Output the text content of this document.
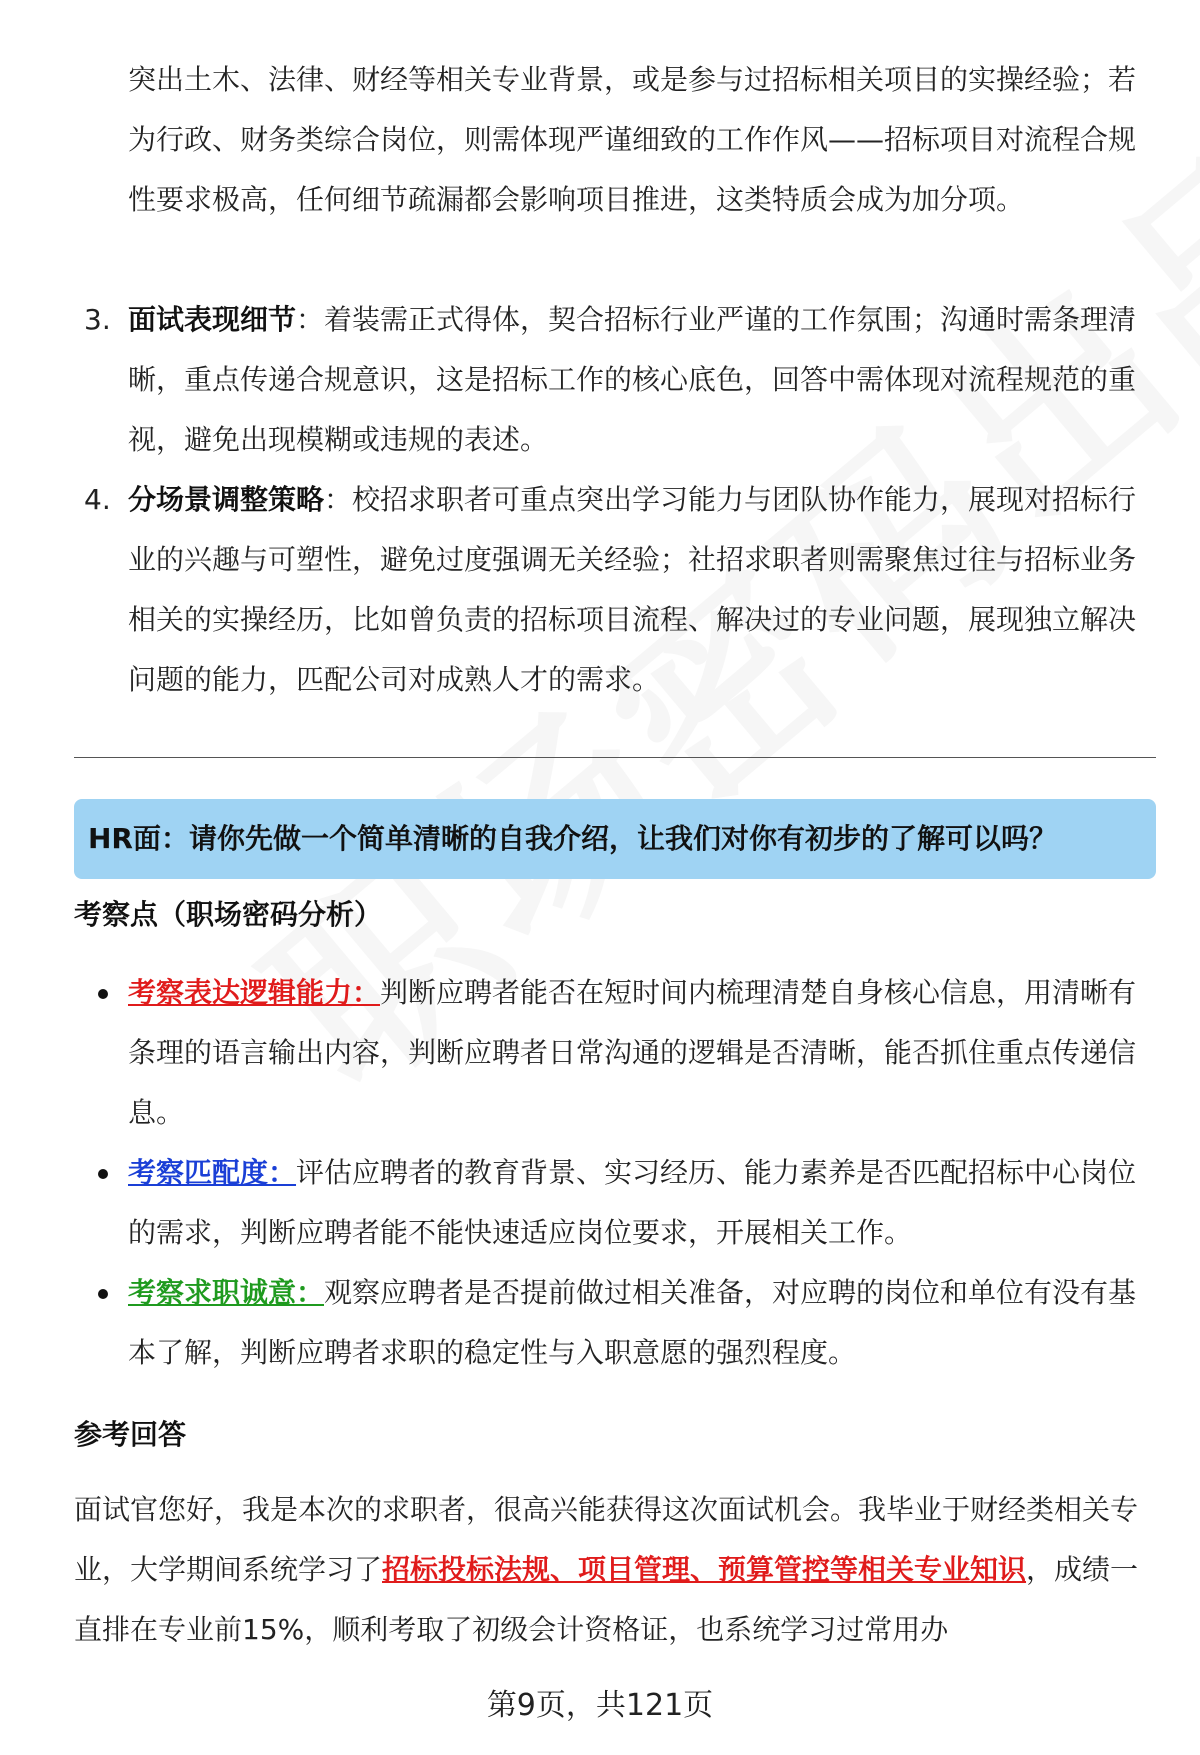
突出土木、法律、财经等相关专业背景，或是参与过招标相关项目的实操经验；若为行政、财务类综合岗位，则需体现严谨细致的工作作风——招标项目对流程合规性要求极高，任何细节疏漏都会影响项目推进，这类特质会成为加分项。
3. 面试表现细节：着装需正式得体，契合招标行业严谨的工作氛围；沟通时需条理清晰，重点传递合规意识，这是招标工作的核心底色，回答中需体现对流程规范的重视，避免出现模糊或违规的表述。
4. 分场景调整策略：校招求职者可重点突出学习能力与团队协作能力，展现对招标行业的兴趣与可塑性，避免过度强调无关经验；社招求职者则需聚焦过往与招标业务相关的实操经历，比如曾负责的招标项目流程、解决过的专业问题，展现独立解决问题的能力，匹配公司对成熟人才的需求。
HR面：请你先做一个简单清晰的自我介绍，让我们对你有初步的了解可以吗？
考察点（职场密码分析）
考察表达逻辑能力：判断应聘者能否在短时间内梳理清楚自身核心信息，用清晰有条理的语言输出内容，判断应聘者日常沟通的逻辑是否清晰，能否抓住重点传递信息。
考察匹配度：评估应聘者的教育背景、实习经历、能力素养是否匹配招标中心岗位的需求，判断应聘者能不能快速适应岗位要求，开展相关工作。
考察求职诚意：观察应聘者是否提前做过相关准备，对应聘的岗位和单位有没有基本了解，判断应聘者求职的稳定性与入职意愿的强烈程度。
参考回答
面试官您好，我是本次的求职者，很高兴能获得这次面试机会。我毕业于财经类相关专业，大学期间系统学习了招标投标法规、项目管理、预算管控等相关专业知识，成绩一直排在专业前15%，顺利考取了初级会计资格证，也系统学习过常用办
第9页，共121页
